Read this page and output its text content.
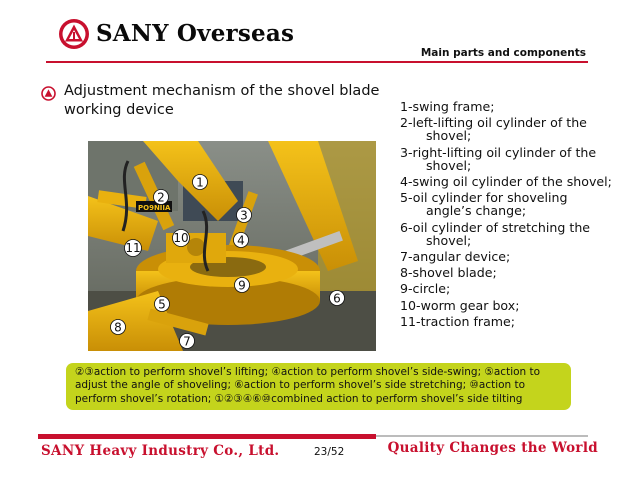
SANY Overseas
Main parts and components
Adjustment mechanism of the shovel blade working device
PO9NIIA
1
2
3
4
5	6
7
8
9
10
11
1-swing frame;
2-left-lifting oil cylinder of the shovel;
3-right-lifting oil cylinder of the shovel;
4-swing oil cylinder of the shovel;
5-oil cylinder for shoveling angle’s change;
6-oil cylinder of stretching the shovel;
7-angular device;
8-shovel blade;
9-circle;
10-worm gear box;
11-traction frame;
②③action to perform shovel’s lifting; ④action to perform shovel’s side-swing; ⑤action to adjust the angle of shoveling; ⑥action to perform shovel’s side stretching; ⑩action to perform shovel’s rotation; ①②③④⑥⑩combined action to perform shovel’s side tilting
SANY Heavy Industry Co., Ltd.	23/52	Quality Changes the World
